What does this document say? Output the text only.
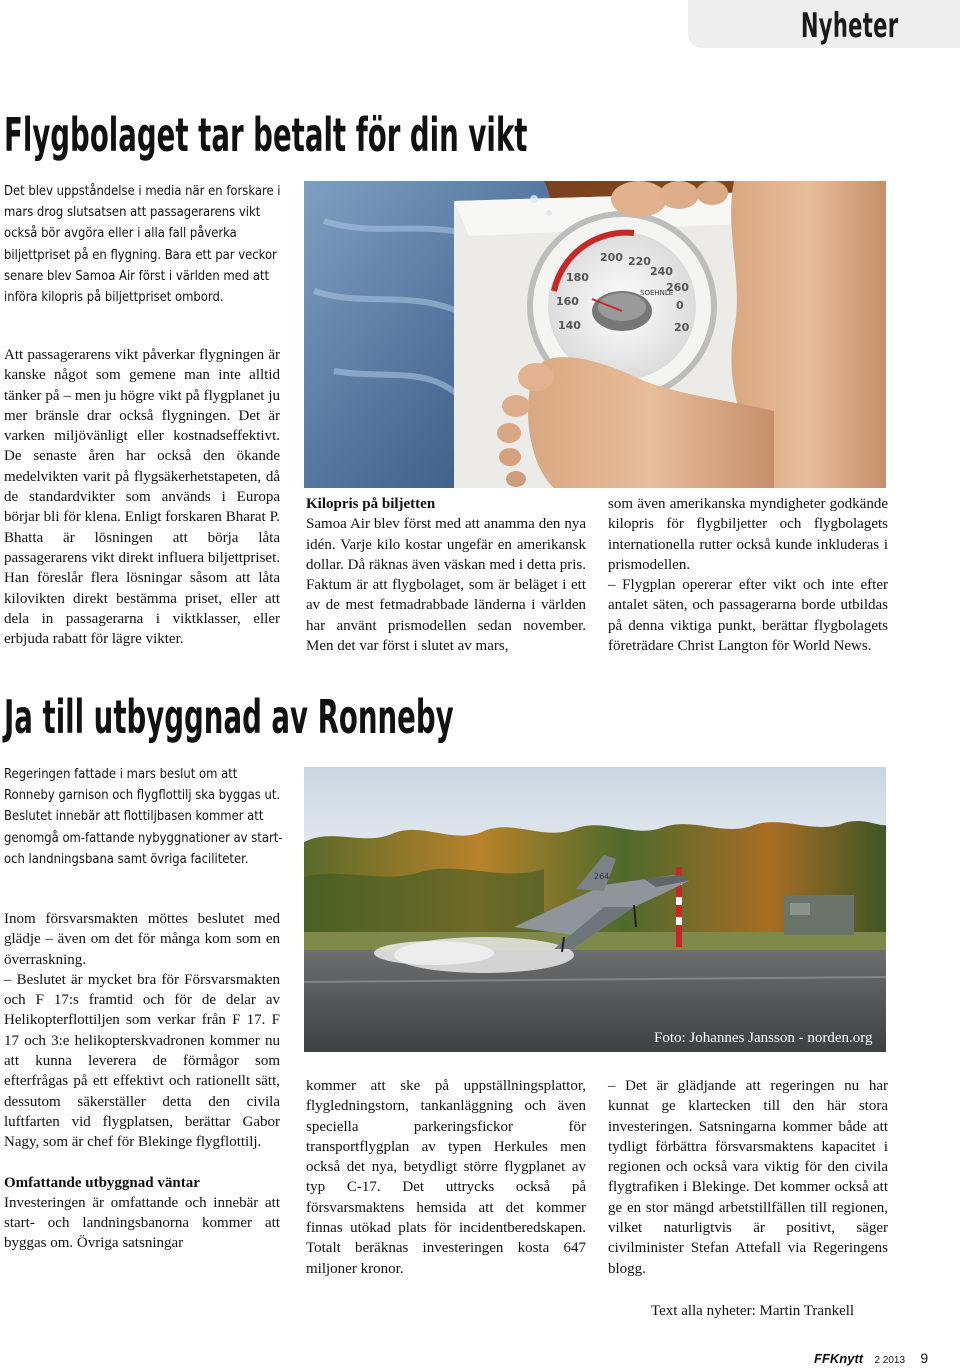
Nyheter
Flygbolaget tar betalt för din vikt

Det blev uppståndelse i media när en forskare i mars drog slutsatsen att passagerarens vikt också bör avgöra eller i alla fall påverka biljettpriset på en flygning. Bara ett par veckor senare blev Samoa Air först i världen med att införa kilopris på biljettpriset ombord.

200 220
240
260
0
20
180
160
140
SOEHNLE

Att passagerarens vikt påverkar flygningen är kanske något som gemene man inte alltid tänker på – men ju högre vikt på flygplanet ju mer bränsle drar också flygningen. Det är varken miljövänligt eller kostnadseffektivt. De senaste åren har också den ökande medelvikten varit på flygsäkerhetstapeten, då de standardvikter som används i Europa börjar bli för klena. Enligt forskaren Bharat P. Bhatta är lösningen att börja låta passagerarens vikt direkt influera biljettpriset. Han föreslår flera lösningar såsom att låta kilovikten direkt bestämma priset, eller att dela in passagerarna i viktklasser, eller erbjuda rabatt för lägre vikter.

Kilopris på biljetten

Samoa Air blev först med att anamma den nya idén. Varje kilo kostar ungefär en amerikansk dollar. Då räknas även väskan med i detta pris. Faktum är att flygbolaget, som är beläget i ett av de mest fetmadrabbade länderna i världen har använt prismodellen sedan november. Men det var först i slutet av mars,

som även amerikanska myndigheter godkände kilopris för flygbiljetter och flygbolagets internationella rutter också kunde inkluderas i prismodellen.

– Flygplan opererar efter vikt och inte efter antalet säten, och passagerarna borde utbildas på denna viktiga punkt, berättar flygbolagets företrädare Christ Langton för World News.

Ja till utbyggnad av Ronneby

Regeringen fattade i mars beslut om att Ronneby garnison och flygflottilj ska byggas ut. Beslutet innebär att flottiljbasen kommer att genomgå om-fattande nybyggnationer av start- och landningsbana samt övriga faciliteter.

264
Foto: Johannes Jansson - norden.org

Inom försvarsmakten möttes beslutet med glädje – även om det för många kom som en överraskning.

– Beslutet är mycket bra för Försvarsmakten och F 17:s framtid och för de delar av Helikopterflottiljen som verkar från F 17. F 17 och 3:e helikopterskvadronen kommer nu att kunna leverera de förmågor som efterfrågas på ett effektivt och rationellt sätt, dessutom säkerställer detta den civila luftfarten vid flygplatsen, berättar Gabor Nagy, som är chef för Blekinge flygflottilj.

Omfattande utbyggnad väntar

Investeringen är omfattande och innebär att start- och landningsbanorna kommer att byggas om. Övriga satsningar

kommer att ske på uppställningsplattor, flygledningstorn, tankanläggning och även speciella parkeringsfickor för transportflygplan av typen Herkules men också det nya, betydligt större flygplanet av typ C-17. Det uttrycks också på försvarsmaktens hemsida att det kommer finnas utökad plats för incidentberedskapen. Totalt beräknas investeringen kosta 647 miljoner kronor.

– Det är glädjande att regeringen nu har kunnat ge klartecken till den här stora investeringen. Satsningarna kommer både att tydligt förbättra försvarsmaktens kapacitet i regionen och också vara viktig för den civila flygtrafiken i Blekinge. Det kommer också att ge en stor mängd arbetstillfällen till regionen, vilket naturligtvis är positivt, säger civilminister Stefan Attefall via Regeringens blogg.

Text alla nyheter: Martin Trankell
FFKnytt 2 2013 9
